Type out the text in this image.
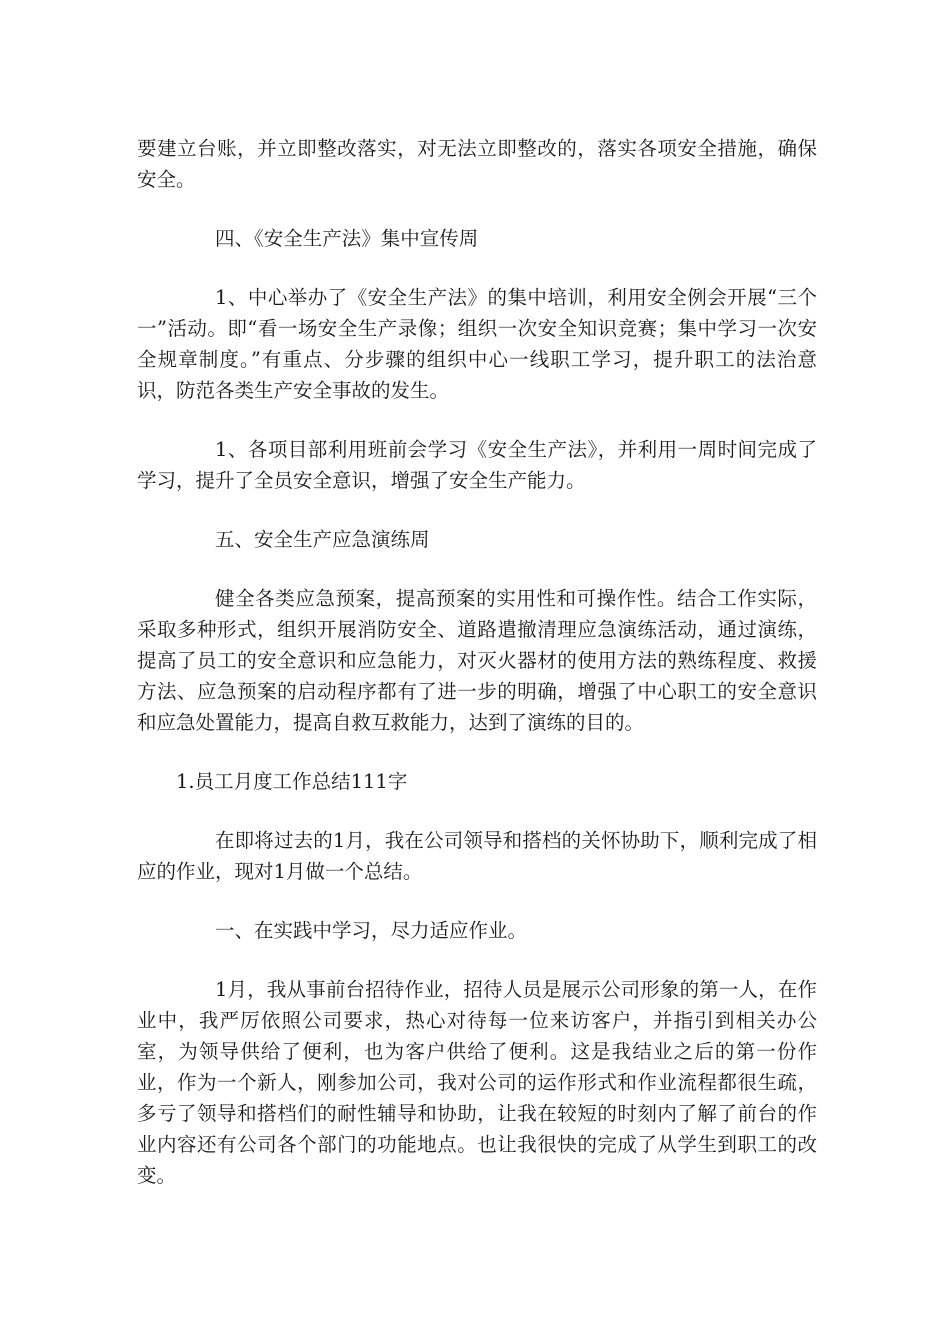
要建立台账，并立即整改落实，对无法立即整改的，落实各项安全措施，确保安全。

四、《安全生产法》集中宣传周

1、中心举办了《安全生产法》的集中培训，利用安全例会开展“三个一”活动。即“看一场安全生产录像；组织一次安全知识竞赛；集中学习一次安全规章制度。”有重点、分步骤的组织中心一线职工学习，提升职工的法治意识，防范各类生产安全事故的发生。

1、各项目部利用班前会学习《安全生产法》，并利用一周时间完成了学习，提升了全员安全意识，增强了安全生产能力。

五、安全生产应急演练周

健全各类应急预案，提高预案的实用性和可操作性。结合工作实际，采取多种形式，组织开展消防安全、道路遣撤清理应急演练活动，通过演练，提高了员工的安全意识和应急能力，对灭火器材的使用方法的熟练程度、救援方法、应急预案的启动程序都有了进一步的明确，增强了中心职工的安全意识和应急处置能力，提高自救互救能力，达到了演练的目的。

1.员工月度工作总结111字

在即将过去的1月，我在公司领导和搭档的关怀协助下，顺利完成了相应的作业，现对1月做一个总结。

一、在实践中学习，尽力适应作业。

1月，我从事前台招待作业，招待人员是展示公司形象的第一人，在作业中，我严厉依照公司要求，热心对待每一位来访客户，并指引到相关办公室，为领导供给了便利，也为客户供给了便利。这是我结业之后的第一份作业，作为一个新人，刚参加公司，我对公司的运作形式和作业流程都很生疏，多亏了领导和搭档们的耐性辅导和协助，让我在较短的时刻内了解了前台的作业内容还有公司各个部门的功能地点。也让我很快的完成了从学生到职工的改变。
